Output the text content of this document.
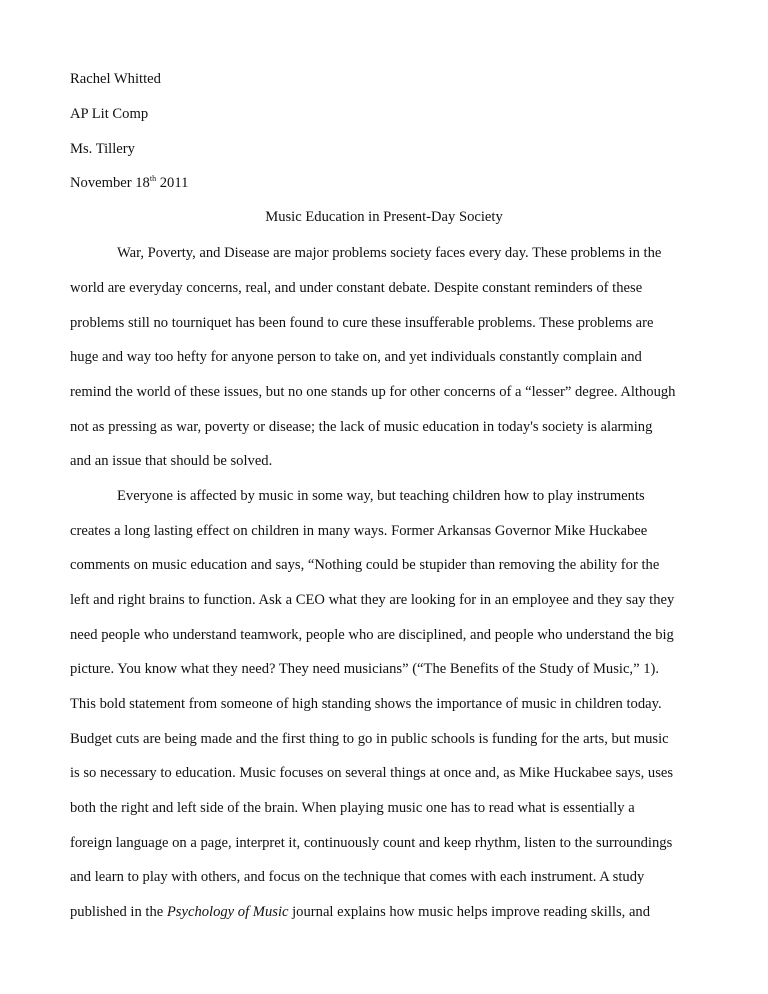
Rachel Whitted
AP Lit Comp
Ms. Tillery
November 18th 2011
Music Education in Present-Day Society
War, Poverty, and Disease are major problems society faces every day. These problems in the
world are everyday concerns, real, and under constant debate. Despite constant reminders of these
problems still no tourniquet has been found to cure these insufferable problems. These problems are
huge and way too hefty for anyone person to take on, and yet individuals constantly complain and
remind the world of these issues, but no one stands up for other concerns of a “lesser” degree. Although
not as pressing as war, poverty or disease; the lack of music education in today's society is alarming
and an issue that should be solved.
Everyone is affected by music in some way, but teaching children how to play instruments
creates a long lasting effect on children in many ways. Former Arkansas Governor Mike Huckabee
comments on music education and says, “Nothing could be stupider than removing the ability for the
left and right brains to function. Ask a CEO what they are looking for in an employee and they say they
need people who understand teamwork, people who are disciplined, and people who understand the big
picture. You know what they need? They need musicians” (“The Benefits of the Study of Music,” 1).
This bold statement from someone of high standing shows the importance of music in children today.
Budget cuts are being made and the first thing to go in public schools is funding for the arts, but music
is so necessary to education. Music focuses on several things at once and, as Mike Huckabee says, uses
both the right and left side of the brain. When playing music one has to read what is essentially a
foreign language on a page, interpret it, continuously count and keep rhythm, listen to the surroundings
and learn to play with others, and focus on the technique that comes with each instrument. A study
published in the Psychology of Music journal explains how music helps improve reading skills, and
